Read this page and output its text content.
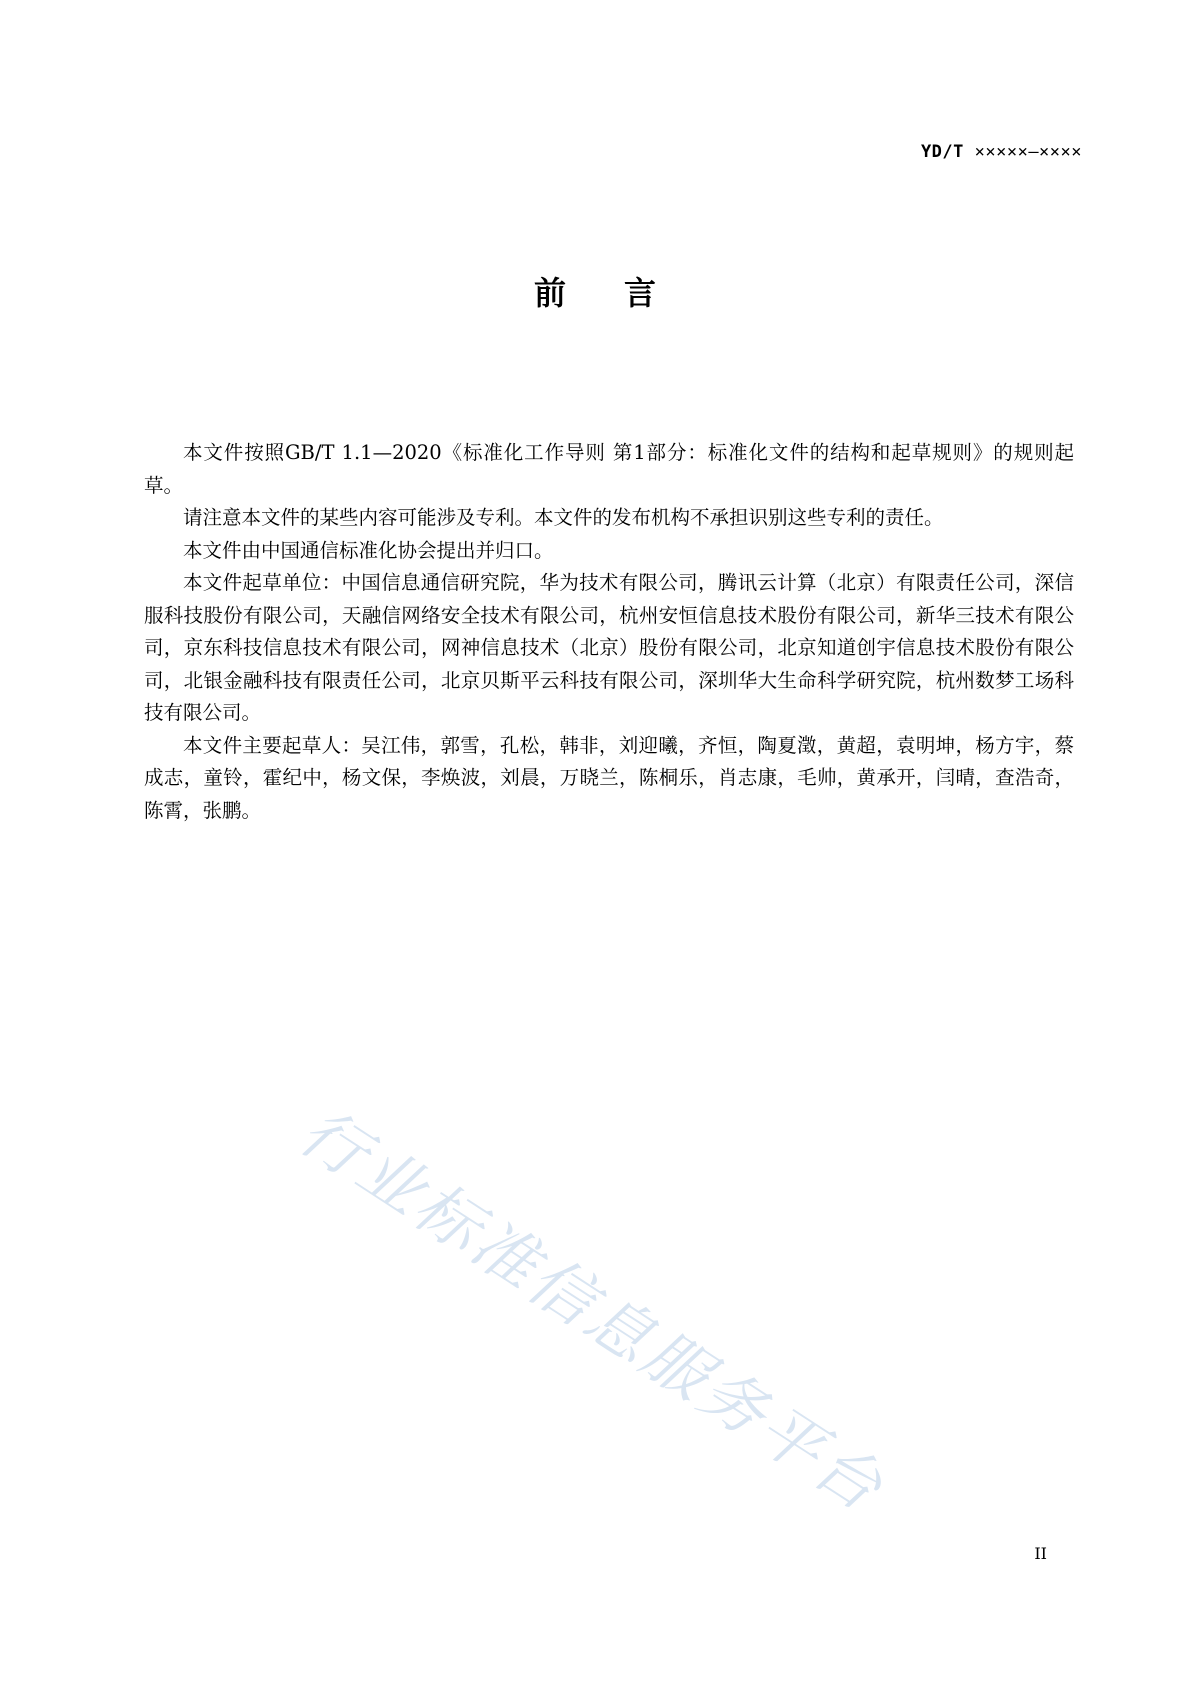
YD/T ×××××—××××
前言

本文件按照GB/T 1.1—2020《标准化工作导则 第1部分：标准化文件的结构和起草规则》的规则起草。

请注意本文件的某些内容可能涉及专利。本文件的发布机构不承担识别这些专利的责任。

本文件由中国通信标准化协会提出并归口。

本文件起草单位：中国信息通信研究院，华为技术有限公司，腾讯云计算（北京）有限责任公司，深信服科技股份有限公司，天融信网络安全技术有限公司，杭州安恒信息技术股份有限公司，新华三技术有限公司，京东科技信息技术有限公司，网神信息技术（北京）股份有限公司，北京知道创宇信息技术股份有限公司，北银金融科技有限责任公司，北京贝斯平云科技有限公司，深圳华大生命科学研究院，杭州数梦工场科技有限公司。

本文件主要起草人：吴江伟，郭雪，孔松，韩非，刘迎曦，齐恒，陶夏澂，黄超，袁明坤，杨方宇，蔡成志，童铃，霍纪中，杨文保，李焕波，刘晨，万晓兰，陈桐乐，肖志康，毛帅，黄承开，闫晴，查浩奇，陈霄，张鹏。

行业标准信息服务平台
II
